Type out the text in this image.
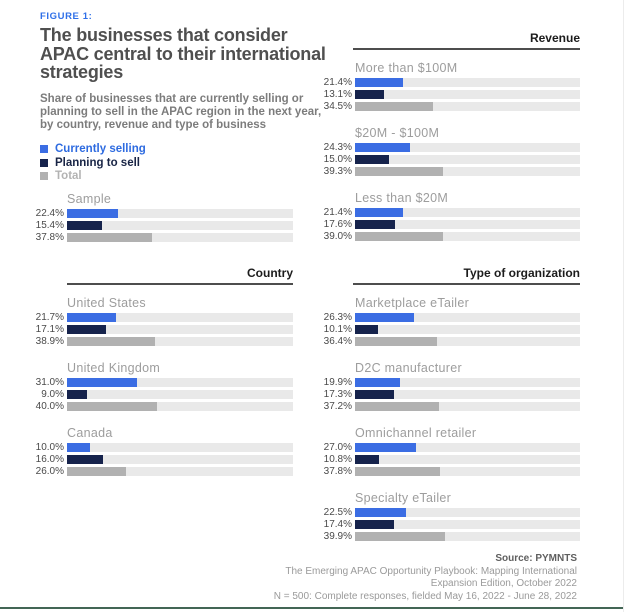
FIGURE 1:
The businesses that consider APAC central to their international strategies
Share of businesses that are currently selling or planning to sell in the APAC region in the next year, by country, revenue and type of business
Currently selling
Planning to sell
Total
Revenue
Country	Type of organization
Sample
22.4%
15.4%
37.8%
United States
21.7%
17.1%
38.9%
United Kingdom
31.0%
9.0%
40.0%
Canada
10.0%
16.0%
26.0%
More than $100M
21.4%
13.1%
34.5%
$20M - $100M
24.3%
15.0%
39.3%
Less than $20M
21.4%
17.6%
39.0%
Marketplace eTailer
26.3%
10.1%
36.4%
D2C manufacturer
19.9%
17.3%
37.2%
Omnichannel retailer
27.0%
10.8%
37.8%
Specialty eTailer
22.5%
17.4%
39.9%
Source: PYMNTS
The Emerging APAC Opportunity Playbook: Mapping International
Expansion Edition, October 2022
N = 500: Complete responses, fielded May 16, 2022 - June 28, 2022
